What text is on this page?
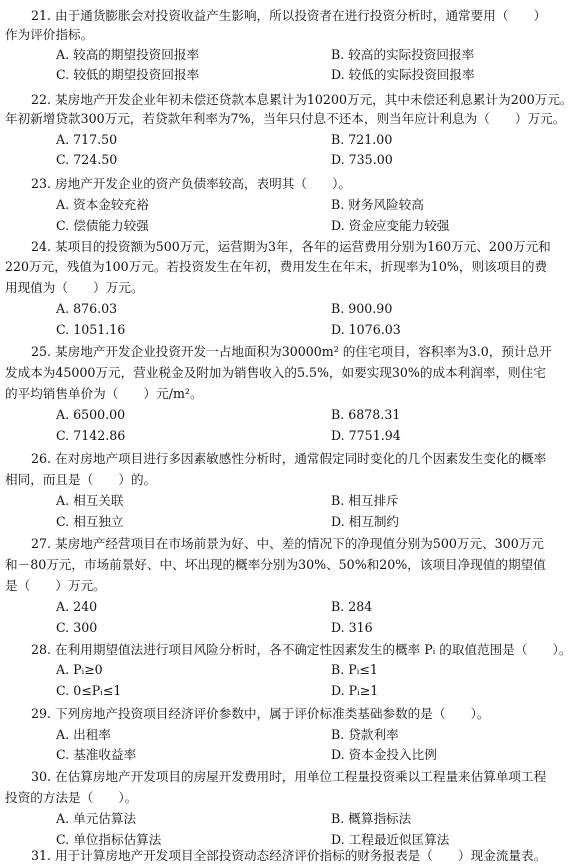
21. 由于通货膨胀会对投资收益产生影响，所以投资者在进行投资分析时，通常要用（　　）
作为评价指标。
A. 较高的期望投资回报率	B. 较高的实际投资回报率
C. 较低的期望投资回报率	D. 较低的实际投资回报率
22. 某房地产开发企业年初未偿还贷款本息累计为10200万元，其中未偿还利息累计为200万元。
年初新增贷款300万元，若贷款年利率为7%，当年只付息不还本，则当年应计利息为（　　）万元。
A. 717.50	B. 721.00
C. 724.50	D. 735.00
23. 房地产开发企业的资产负债率较高，表明其（　　）。
A. 资本金较充裕	B. 财务风险较高
C. 偿债能力较强	D. 资金应变能力较强
24. 某项目的投资额为500万元，运营期为3年，各年的运营费用分别为160万元、200万元和
220万元，残值为100万元。若投资发生在年初，费用发生在年末，折现率为10%，则该项目的费
用现值为（　　）万元。
A. 876.03	B. 900.90
C. 1051.16	D. 1076.03
25. 某房地产开发企业投资开发一占地面积为30000m² 的住宅项目，容积率为3.0，预计总开
发成本为45000万元，营业税金及附加为销售收入的5.5%，如要实现30%的成本利润率，则住宅
的平均销售单价为（　　）元/m²。
A. 6500.00	B. 6878.31
C. 7142.86	D. 7751.94
26. 在对房地产项目进行多因素敏感性分析时，通常假定同时变化的几个因素发生变化的概率
相同，而且是（　　）的。
A. 相互关联	B. 相互排斥
C. 相互独立	D. 相互制约
27. 某房地产经营项目在市场前景为好、中、差的情况下的净现值分别为500万元、300万元
和－80万元，市场前景好、中、坏出现的概率分别为30%、50%和20%，该项目净现值的期望值
是（　　）万元。
A. 240	B. 284
C. 300	D. 316
28. 在利用期望值法进行项目风险分析时，各不确定性因素发生的概率 Pᵢ 的取值范围是（　　）。
A. Pᵢ≥0	B. Pᵢ≤1
C. 0≤Pᵢ≤1	D. Pᵢ≥1
29. 下列房地产投资项目经济评价参数中，属于评价标准类基础参数的是（　　）。
A. 出租率	B. 贷款利率
C. 基准收益率	D. 资本金投入比例
30. 在估算房地产开发项目的房屋开发费用时，用单位工程量投资乘以工程量来估算单项工程
投资的方法是（　　）。
A. 单元估算法	B. 概算指标法
C. 单位指标估算法	D. 工程最近似匡算法
31. 用于计算房地产开发项目全部投资动态经济评价指标的财务报表是（　　）现金流量表。
